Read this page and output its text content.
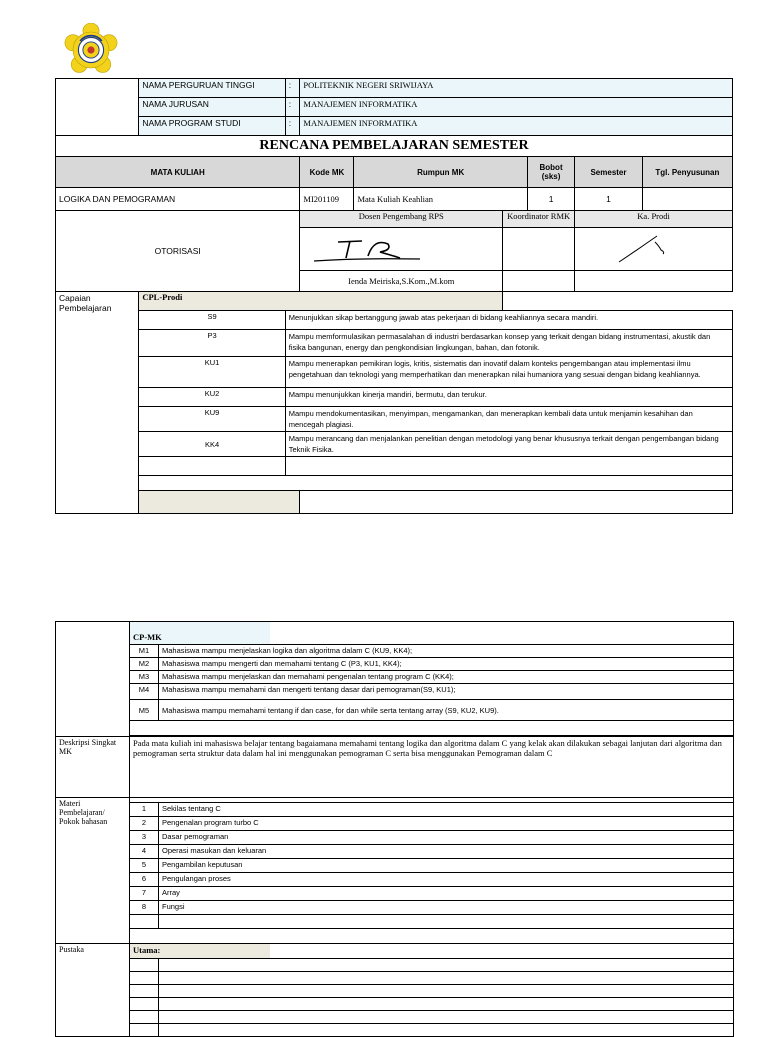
	NAMA PERGURUAN TINGGI	:	POLITEKNIK NEGERI SRIWIJAYA					
	NAMA JURUSAN	:	MANAJEMEN INFORMATIKA					
	NAMA PROGRAM STUDI	:	MANAJEMEN INFORMATIKA					
RENCANA PEMBELAJARAN SEMESTER								
MATA KULIAH			Kode MK	Rumpun MK		Bobot (sks)	Semester	Tgl. Penyusunan
LOGIKA DAN PEMOGRAMAN			MI201109	Mata Kuliah Keahlian		1	1	
OTORISASI			Dosen Pengembang RPS		Koordinator RMK		Ka. Prodi	

			Ienda Meiriska,S.Kom.,M.kom					
Capaian Pembelajaran	CPL-Prodi							
	S9	Menunjukkan sikap bertanggung jawab atas pekerjaan di bidang keahliannya secara mandiri.						
	P3	Mampu memformulasikan permasalahan di industri berdasarkan konsep yang terkait dengan bidang instrumentasi, akustik dan fisika bangunan, energy dan pengkondisian lingkungan, bahan, dan fotonik.						
	KU1	Mampu menerapkan pemikiran logis, kritis, sistematis dan inovatif dalam konteks pengembangan atau implementasi ilmu pengetahuan dan teknologi yang memperhatikan dan menerapkan nilai humaniora yang sesuai dengan bidang keahliannya.						
	KU2	Mampu menunjukkan kinerja mandiri, bermutu, dan terukur.						
	KU9	Mampu mendokumentasikan, menyimpan, mengamankan, dan menerapkan kembali data untuk menjamin kesahihan dan mencegah plagiasi.						
	KK4	Mampu merancang dan menjalankan penelitian dengan metodologi yang benar khususnya terkait dengan pengembangan bidang Teknik Fisika.						

	CP-MK	

	M1	Mahasiswa mampu menjelaskan logika dan algoritma dalam C (KU9, KK4);
	M2	Mahasiswa mampu mengerti dan memahami tentang C (P3, KU1, KK4);
	M3	Mahasiswa mampu menjelaskan dan memahami pengenalan tentang program C (KK4);
	M4	Mahasiswa mampu memahami dan mengerti tentang dasar dari pemograman(S9, KU1);
	M5	Mahasiswa mampu memahami tentang if dan case, for dan while serta tentang array (S9, KU2, KU9).

Deskripsi Singkat MK	Pada mata kuliah ini mahasiswa belajar tentang bagaiamana memahami tentang logika dan algoritma dalam C yang kelak akan dilakukan sebagai lanjutan dari algoritma dan pemograman serta struktur data dalam hal ini menggunakan pemograman C serta bisa menggunakan Pemograman dalam C	
Materi Pembelajaran/ Pokok bahasan		
	1	Sekilas tentang C
	2	Pengenalan program turbo C
	3	Dasar pemograman
	4	Operasi masukan dan keluaran
	5	Pengambilan keputusan
	6	Pengulangan proses
	7	Array
	8	Fungsi

Pustaka	Utama:	
